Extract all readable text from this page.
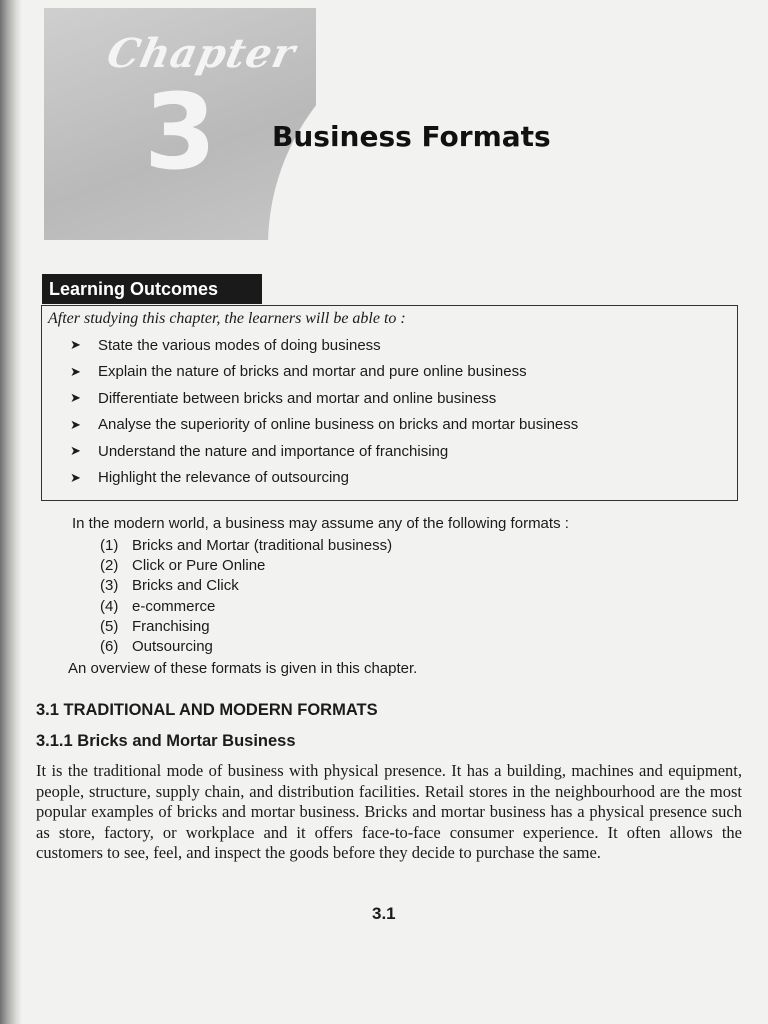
Chapter

3 Business Formats
Learning Outcomes

After studying this chapter, the learners will be able to :

➤	State the various modes of doing business
➤	Explain the nature of bricks and mortar and pure online business
➤	Differentiate between bricks and mortar and online business
➤	Analyse the superiority of online business on bricks and mortar business
➤	Understand the nature and importance of franchising
➤	Highlight the relevance of outsourcing

In the modern world, a business may assume any of the following formats :

(1) Bricks and Mortar (traditional business)
(2) Click or Pure Online
(3) Bricks and Click
(4) e-commerce
(5) Franchising
(6) Outsourcing

An overview of these formats is given in this chapter.

3.1 TRADITIONAL AND MODERN FORMATS
3.1.1 Bricks and Mortar Business

It is the traditional mode of business with physical presence. It has a building, machines and equipment, people, structure, supply chain, and distribution facilities. Retail stores in the neighbourhood are the most popular examples of bricks and mortar business. Bricks and mortar business has a physical presence such as store, factory, or workplace and it offers face-to-face consumer experience. It often allows the customers to see, feel, and inspect the goods before they decide to purchase the same.

3.1
